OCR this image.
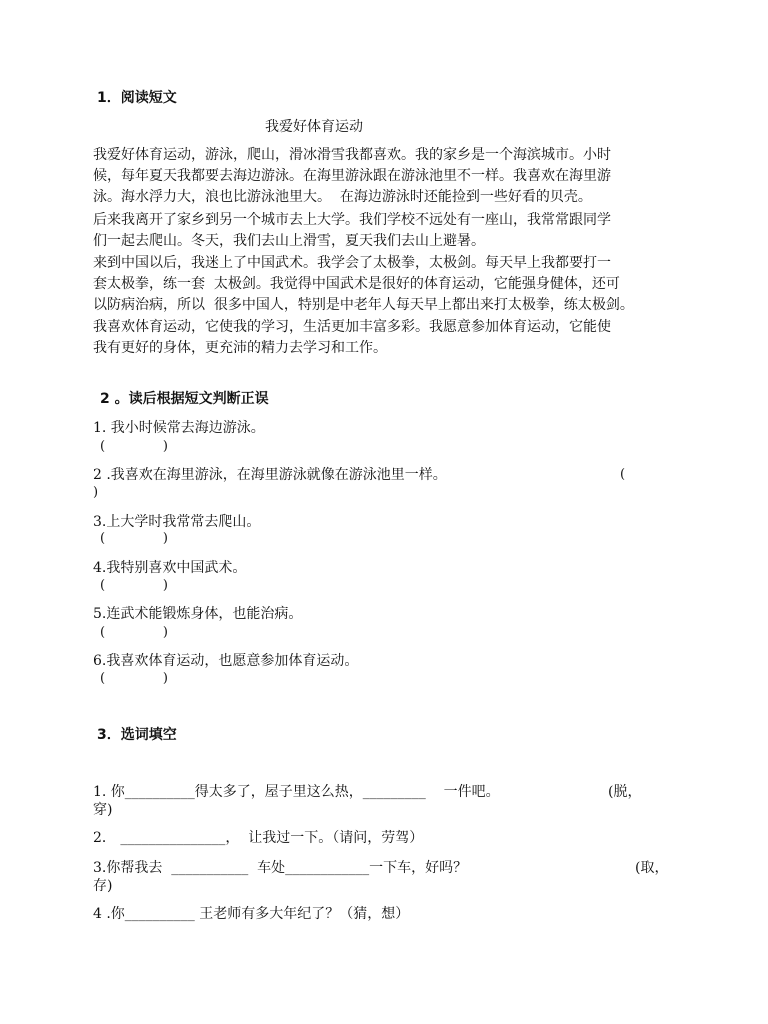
1．阅读短文
我爱好体育运动
我爱好体育运动，游泳，爬山，滑冰滑雪我都喜欢。我的家乡是一个海滨城市。小时
候，每年夏天我都要去海边游泳。在海里游泳跟在游泳池里不一样。我喜欢在海里游
泳。海水浮力大，浪也比游泳池里大。  在海边游泳时还能捡到一些好看的贝壳。
后来我离开了家乡到另一个城市去上大学。我们学校不远处有一座山，我常常跟同学
们一起去爬山。冬天，我们去山上滑雪，夏天我们去山上避暑。
来到中国以后，我迷上了中国武术。我学会了太极拳，太极剑。每天早上我都要打一
套太极拳，练一套  太极剑。我觉得中国武术是很好的体育运动，它能强身健体，还可
以防病治病，所以  很多中国人，特别是中老年人每天早上都出来打太极拳，练太极剑。
我喜欢体育运动，它使我的学习，生活更加丰富多彩。我愿意参加体育运动，它能使
我有更好的身体，更充沛的精力去学习和工作。
2 。读后根据短文判断正误
1. 我小时候常去海边游泳。
(              )
2 .我喜欢在海里游泳，在海里游泳就像在游泳池里一样。	(
)
3.上大学时我常常去爬山。
(              )
4.我特别喜欢中国武术。
(              )
5.连武术能锻炼身体，也能治病。
(              )
6.我喜欢体育运动，也愿意参加体育运动。
(              )
3．选词填空
1. 你__________得太多了，屋子里这么热，_________    一件吧。	(脱，
穿)
2． _______________，  让我过一下。（请问，劳驾）
3.你帮我去  ___________  车处____________一下车，好吗？	(取，
存)
4 .你__________ 王老师有多大年纪了？（猜，想）
